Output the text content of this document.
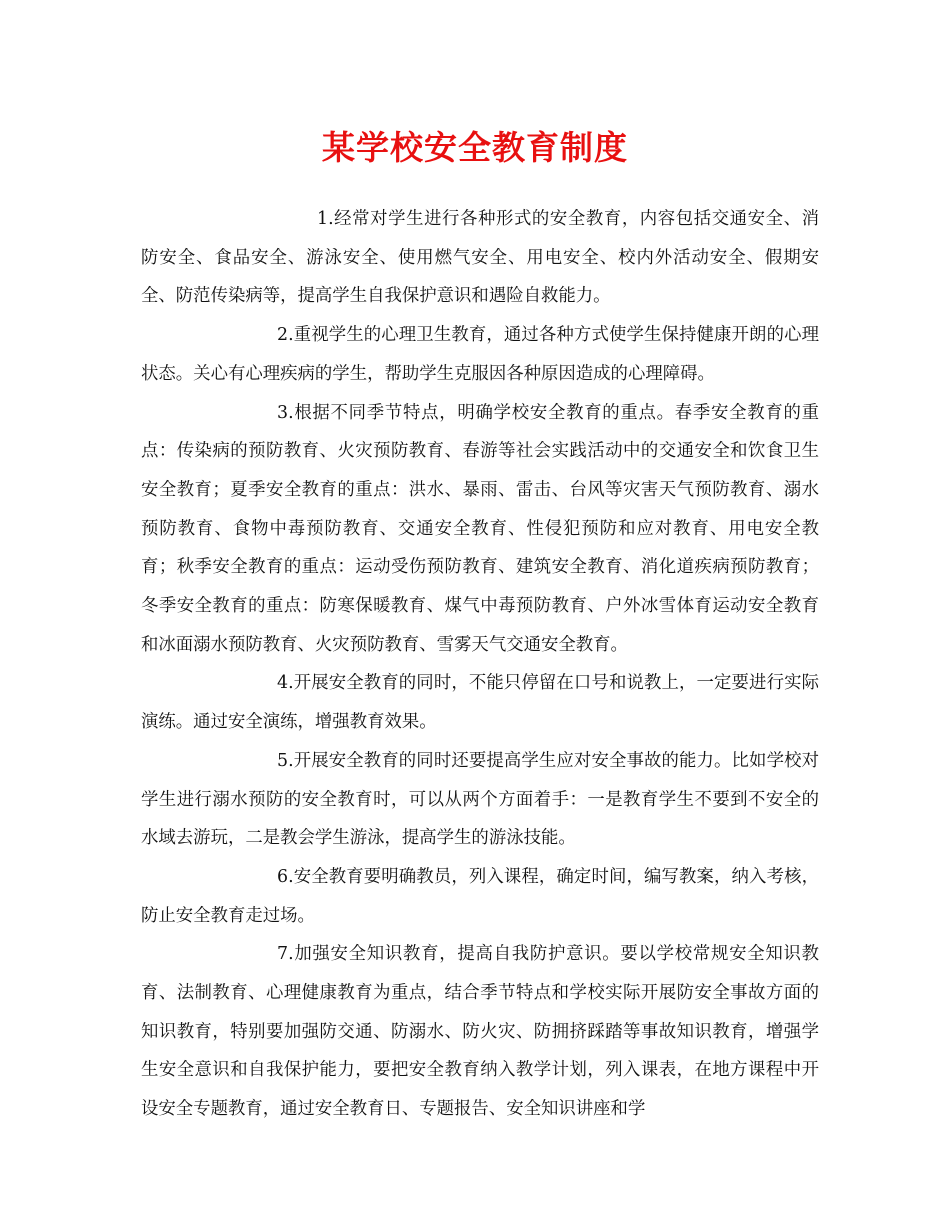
某学校安全教育制度

1.经常对学生进行各种形式的安全教育，内容包括交通安全、消防安全、食品安全、游泳安全、使用燃气安全、用电安全、校内外活动安全、假期安全、防范传染病等，提高学生自我保护意识和遇险自救能力。

2.重视学生的心理卫生教育，通过各种方式使学生保持健康开朗的心理状态。关心有心理疾病的学生，帮助学生克服因各种原因造成的心理障碍。

3.根据不同季节特点，明确学校安全教育的重点。春季安全教育的重点：传染病的预防教育、火灾预防教育、春游等社会实践活动中的交通安全和饮食卫生安全教育；夏季安全教育的重点：洪水、暴雨、雷击、台风等灾害天气预防教育、溺水预防教育、食物中毒预防教育、交通安全教育、性侵犯预防和应对教育、用电安全教育；秋季安全教育的重点：运动受伤预防教育、建筑安全教育、消化道疾病预防教育；冬季安全教育的重点：防寒保暖教育、煤气中毒预防教育、户外冰雪体育运动安全教育和冰面溺水预防教育、火灾预防教育、雪雾天气交通安全教育。

4.开展安全教育的同时，不能只停留在口号和说教上，一定要进行实际演练。通过安全演练，增强教育效果。

5.开展安全教育的同时还要提高学生应对安全事故的能力。比如学校对学生进行溺水预防的安全教育时，可以从两个方面着手：一是教育学生不要到不安全的水域去游玩，二是教会学生游泳，提高学生的游泳技能。

6.安全教育要明确教员，列入课程，确定时间，编写教案，纳入考核，防止安全教育走过场。

7.加强安全知识教育，提高自我防护意识。要以学校常规安全知识教育、法制教育、心理健康教育为重点，结合季节特点和学校实际开展防安全事故方面的知识教育，特别要加强防交通、防溺水、防火灾、防拥挤踩踏等事故知识教育，增强学生安全意识和自我保护能力，要把安全教育纳入教学计划，列入课表，在地方课程中开设安全专题教育，通过安全教育日、专题报告、安全知识讲座和学
